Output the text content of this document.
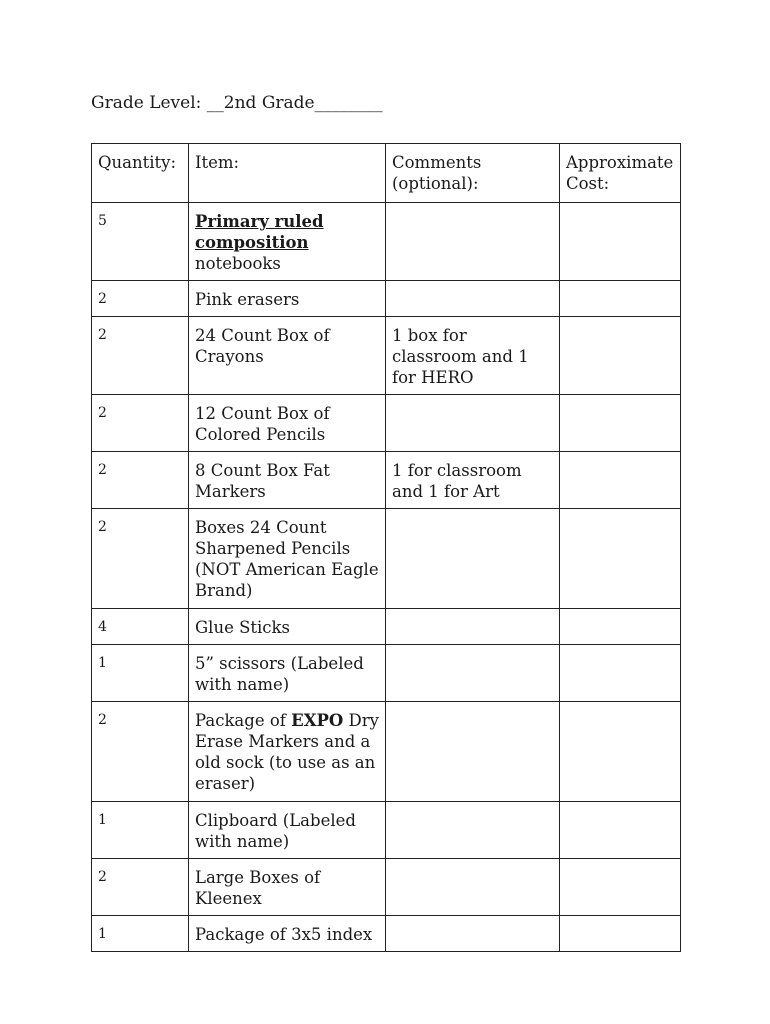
Grade Level: __2nd Grade________
Quantity:	Item:	Comments (optional):	Approximate Cost:
5	Primary ruled composition notebooks		
2	Pink erasers		
2	24 Count Box of Crayons	1 box for classroom and 1 for HERO	
2	12 Count Box of Colored Pencils		
2	8 Count Box Fat Markers	1 for classroom and 1 for Art	
2	Boxes 24 Count Sharpened Pencils (NOT American Eagle Brand)		
4	Glue Sticks		
1	5” scissors (Labeled with name)		
2	Package of EXPO Dry Erase Markers and a old sock (to use as an eraser)		
1	Clipboard (Labeled with name)		
2	Large Boxes of Kleenex		
1	Package of 3x5 index		
